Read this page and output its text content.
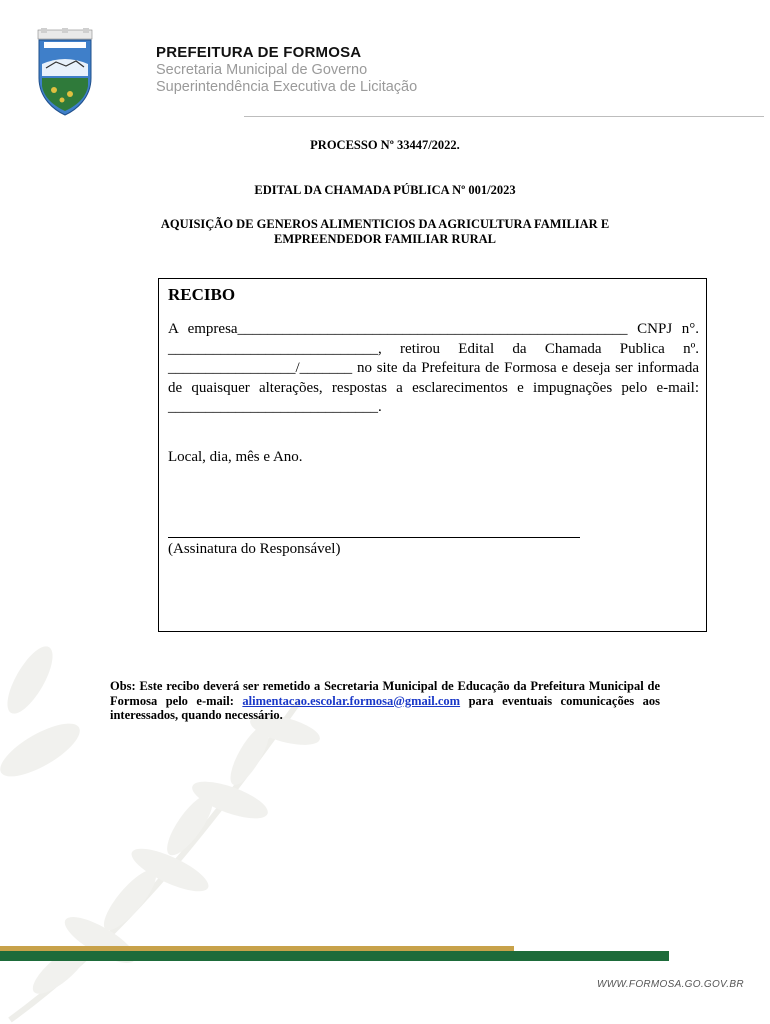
PREFEITURA DE FORMOSA
Secretaria Municipal de Governo
Superintendência Executiva de Licitação
PROCESSO Nº 33447/2022.
EDITAL DA CHAMADA PÚBLICA Nº 001/2023
AQUISIÇÃO DE GENEROS ALIMENTICIOS DA AGRICULTURA FAMILIAR E
EMPREENDEDOR FAMILIAR RURAL
RECIBO
A empresa____________________________________________________ CNPJ n°. ____________________________, retirou Edital da Chamada Publica nº. _________________/_______ no site da Prefeitura de Formosa e deseja ser informada de quaisquer alterações, respostas a esclarecimentos e impugnações pelo e-mail: ____________________________.
Local, dia, mês e Ano.
(Assinatura do Responsável)
Obs: Este recibo deverá ser remetido a Secretaria Municipal de Educação da Prefeitura Municipal de Formosa pelo e-mail: alimentacao.escolar.formosa@gmail.com para eventuais comunicações aos interessados, quando necessário.
WWW.FORMOSA.GO.GOV.BR
